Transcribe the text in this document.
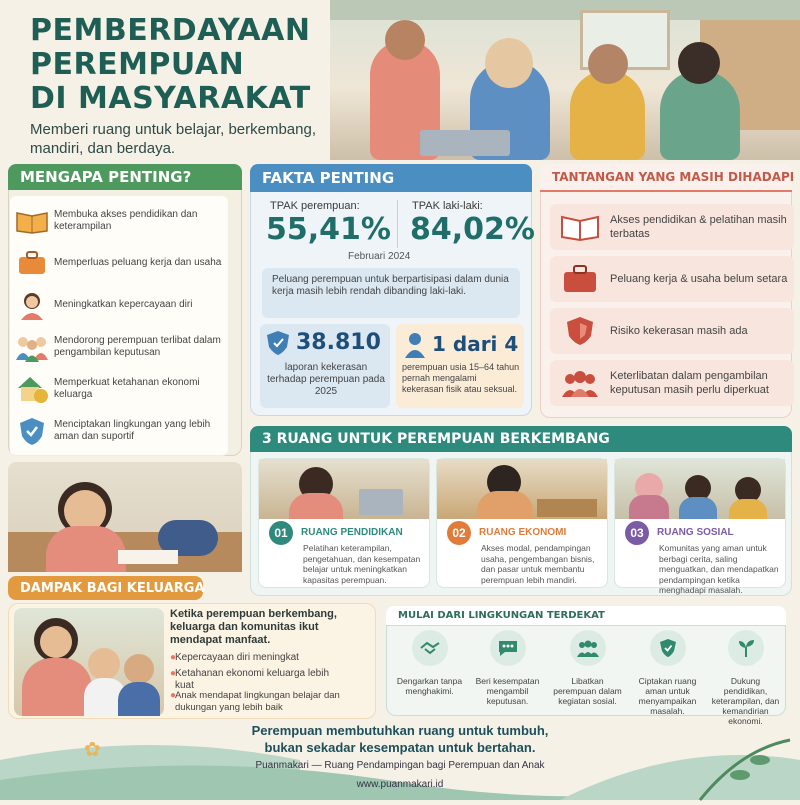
PEMBERDAYAAN
PEREMPUAN
DI MASYARAKAT
Memberi ruang untuk belajar, berkembang, mandiri, dan berdaya.
MENGAPA PENTING?
Membuka akses pendidikan dan keterampilan
Memperluas peluang kerja dan usaha
Meningkatkan kepercayaan diri
Mendorong perempuan terlibat dalam pengambilan keputusan
Memperkuat ketahanan ekonomi keluarga
Menciptakan lingkungan yang lebih aman dan suportif
FAKTA PENTING
TPAK perempuan:
55,41%
TPAK laki-laki:
84,02%
Februari 2024
Peluang perempuan untuk berpartisipasi dalam dunia kerja masih lebih rendah dibanding laki-laki.
38.810
laporan kekerasan terhadap perempuan pada 2025
1 dari 4
perempuan usia 15–64 tahun pernah mengalami kekerasan fisik atau seksual.
TANTANGAN YANG MASIH DIHADAPI
Akses pendidikan & pelatihan masih terbatas
Peluang kerja & usaha belum setara
Risiko kekerasan masih ada
Keterlibatan dalam pengambilan keputusan masih perlu diperkuat
3 RUANG UNTUK PEREMPUAN BERKEMBANG
01	RUANG PENDIDIKAN
Pelatihan keterampilan, pengetahuan, dan kesempatan belajar untuk meningkatkan kapasitas perempuan.
02	RUANG EKONOMI
Akses modal, pendampingan usaha, pengembangan bisnis, dan pasar untuk membantu perempuan lebih mandiri.
03	RUANG SOSIAL
Komunitas yang aman untuk berbagi cerita, saling menguatkan, dan mendapatkan pendampingan ketika menghadapi masalah.
DAMPAK BAGI KELUARGA
Ketika perempuan berkembang, keluarga dan komunitas ikut mendapat manfaat.
●
Kepercayaan diri meningkat
●
Ketahanan ekonomi keluarga lebih kuat
●
Anak mendapat lingkungan belajar dan dukungan yang lebih baik
MULAI DARI LINGKUNGAN TERDEKAT
Dengarkan tanpa menghakimi.
Beri kesempatan mengambil keputusan.
Libatkan perempuan dalam kegiatan sosial.
Ciptakan ruang aman untuk menyampaikan masalah.
Dukung pendidikan, keterampilan, dan kemandirian ekonomi.
✿
Perempuan membutuhkan ruang untuk tumbuh,
bukan sekadar kesempatan untuk bertahan.
Puanmakari — Ruang Pendampingan bagi Perempuan dan Anak
www.puanmakari.id
